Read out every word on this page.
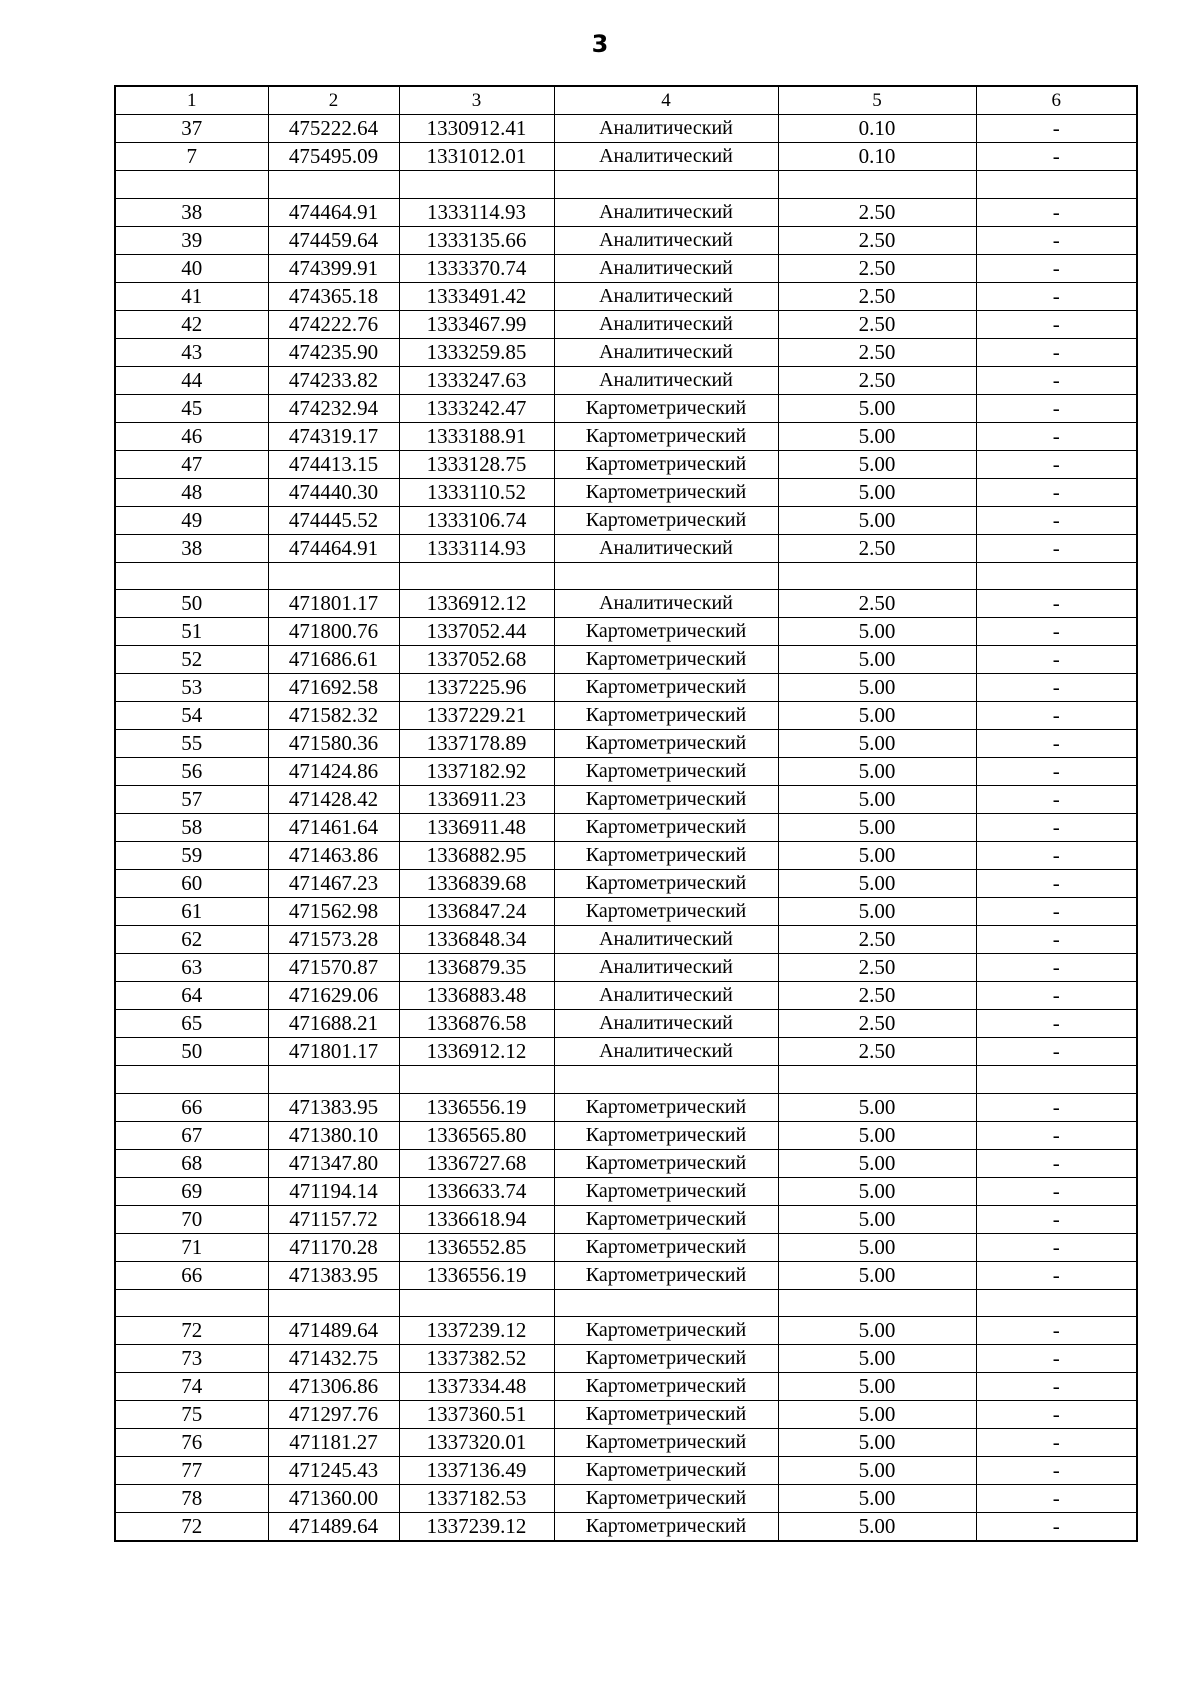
3
1	2	3	4	5	6
37	475222.64	1330912.41	Аналитический	0.10	-
7	475495.09	1331012.01	Аналитический	0.10	-

38	474464.91	1333114.93	Аналитический	2.50	-
39	474459.64	1333135.66	Аналитический	2.50	-
40	474399.91	1333370.74	Аналитический	2.50	-
41	474365.18	1333491.42	Аналитический	2.50	-
42	474222.76	1333467.99	Аналитический	2.50	-
43	474235.90	1333259.85	Аналитический	2.50	-
44	474233.82	1333247.63	Аналитический	2.50	-
45	474232.94	1333242.47	Картометрический	5.00	-
46	474319.17	1333188.91	Картометрический	5.00	-
47	474413.15	1333128.75	Картометрический	5.00	-
48	474440.30	1333110.52	Картометрический	5.00	-
49	474445.52	1333106.74	Картометрический	5.00	-
38	474464.91	1333114.93	Аналитический	2.50	-

50	471801.17	1336912.12	Аналитический	2.50	-
51	471800.76	1337052.44	Картометрический	5.00	-
52	471686.61	1337052.68	Картометрический	5.00	-
53	471692.58	1337225.96	Картометрический	5.00	-
54	471582.32	1337229.21	Картометрический	5.00	-
55	471580.36	1337178.89	Картометрический	5.00	-
56	471424.86	1337182.92	Картометрический	5.00	-
57	471428.42	1336911.23	Картометрический	5.00	-
58	471461.64	1336911.48	Картометрический	5.00	-
59	471463.86	1336882.95	Картометрический	5.00	-
60	471467.23	1336839.68	Картометрический	5.00	-
61	471562.98	1336847.24	Картометрический	5.00	-
62	471573.28	1336848.34	Аналитический	2.50	-
63	471570.87	1336879.35	Аналитический	2.50	-
64	471629.06	1336883.48	Аналитический	2.50	-
65	471688.21	1336876.58	Аналитический	2.50	-
50	471801.17	1336912.12	Аналитический	2.50	-

66	471383.95	1336556.19	Картометрический	5.00	-
67	471380.10	1336565.80	Картометрический	5.00	-
68	471347.80	1336727.68	Картометрический	5.00	-
69	471194.14	1336633.74	Картометрический	5.00	-
70	471157.72	1336618.94	Картометрический	5.00	-
71	471170.28	1336552.85	Картометрический	5.00	-
66	471383.95	1336556.19	Картометрический	5.00	-

72	471489.64	1337239.12	Картометрический	5.00	-
73	471432.75	1337382.52	Картометрический	5.00	-
74	471306.86	1337334.48	Картометрический	5.00	-
75	471297.76	1337360.51	Картометрический	5.00	-
76	471181.27	1337320.01	Картометрический	5.00	-
77	471245.43	1337136.49	Картометрический	5.00	-
78	471360.00	1337182.53	Картометрический	5.00	-
72	471489.64	1337239.12	Картометрический	5.00	-
